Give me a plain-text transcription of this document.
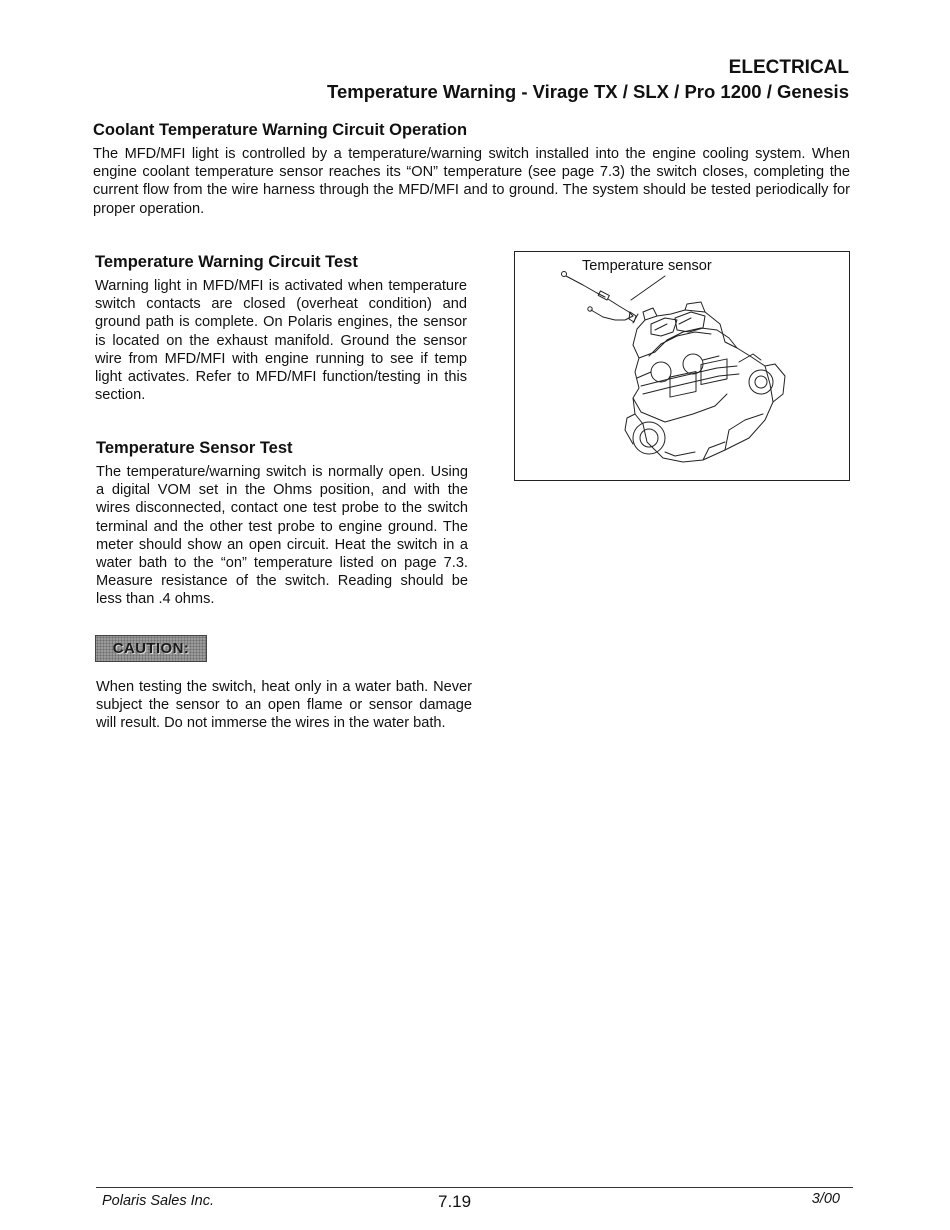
ELECTRICAL
Temperature Warning - Virage TX / SLX / Pro 1200 / Genesis
Coolant Temperature Warning Circuit Operation

The MFD/MFI light is controlled by a temperature/warning switch installed into the engine cooling system. When engine coolant temperature sensor reaches its “ON” temperature (see page 7.3) the switch closes, completing the current flow from the wire harness through the MFD/MFI and to ground. The system should be tested periodically for proper operation.

Temperature Warning Circuit Test

Warning light in MFD/MFI is activated when temperature switch contacts are closed (overheat condition) and ground path is complete. On Polaris engines, the sensor is located on the exhaust manifold. Ground the sensor wire from MFD/MFI with engine running to see if temp light activates. Refer to MFD/MFI function/testing in this section.

Temperature Sensor Test

The temperature/warning switch is normally open. Using a digital VOM set in the Ohms position, and with the wires disconnected, contact one test probe to the switch terminal and the other test probe to engine ground. The meter should show an open circuit. Heat the switch in a water bath to the “on” temperature listed on page 7.3. Measure resistance of the switch. Reading should be less than .4 ohms.

CAUTION:

When testing the switch, heat only in a water bath. Never subject the sensor to an open flame or sensor damage will result. Do not immerse the wires in the water bath.

Temperature sensor
Polaris Sales Inc.	7.19	3/00
